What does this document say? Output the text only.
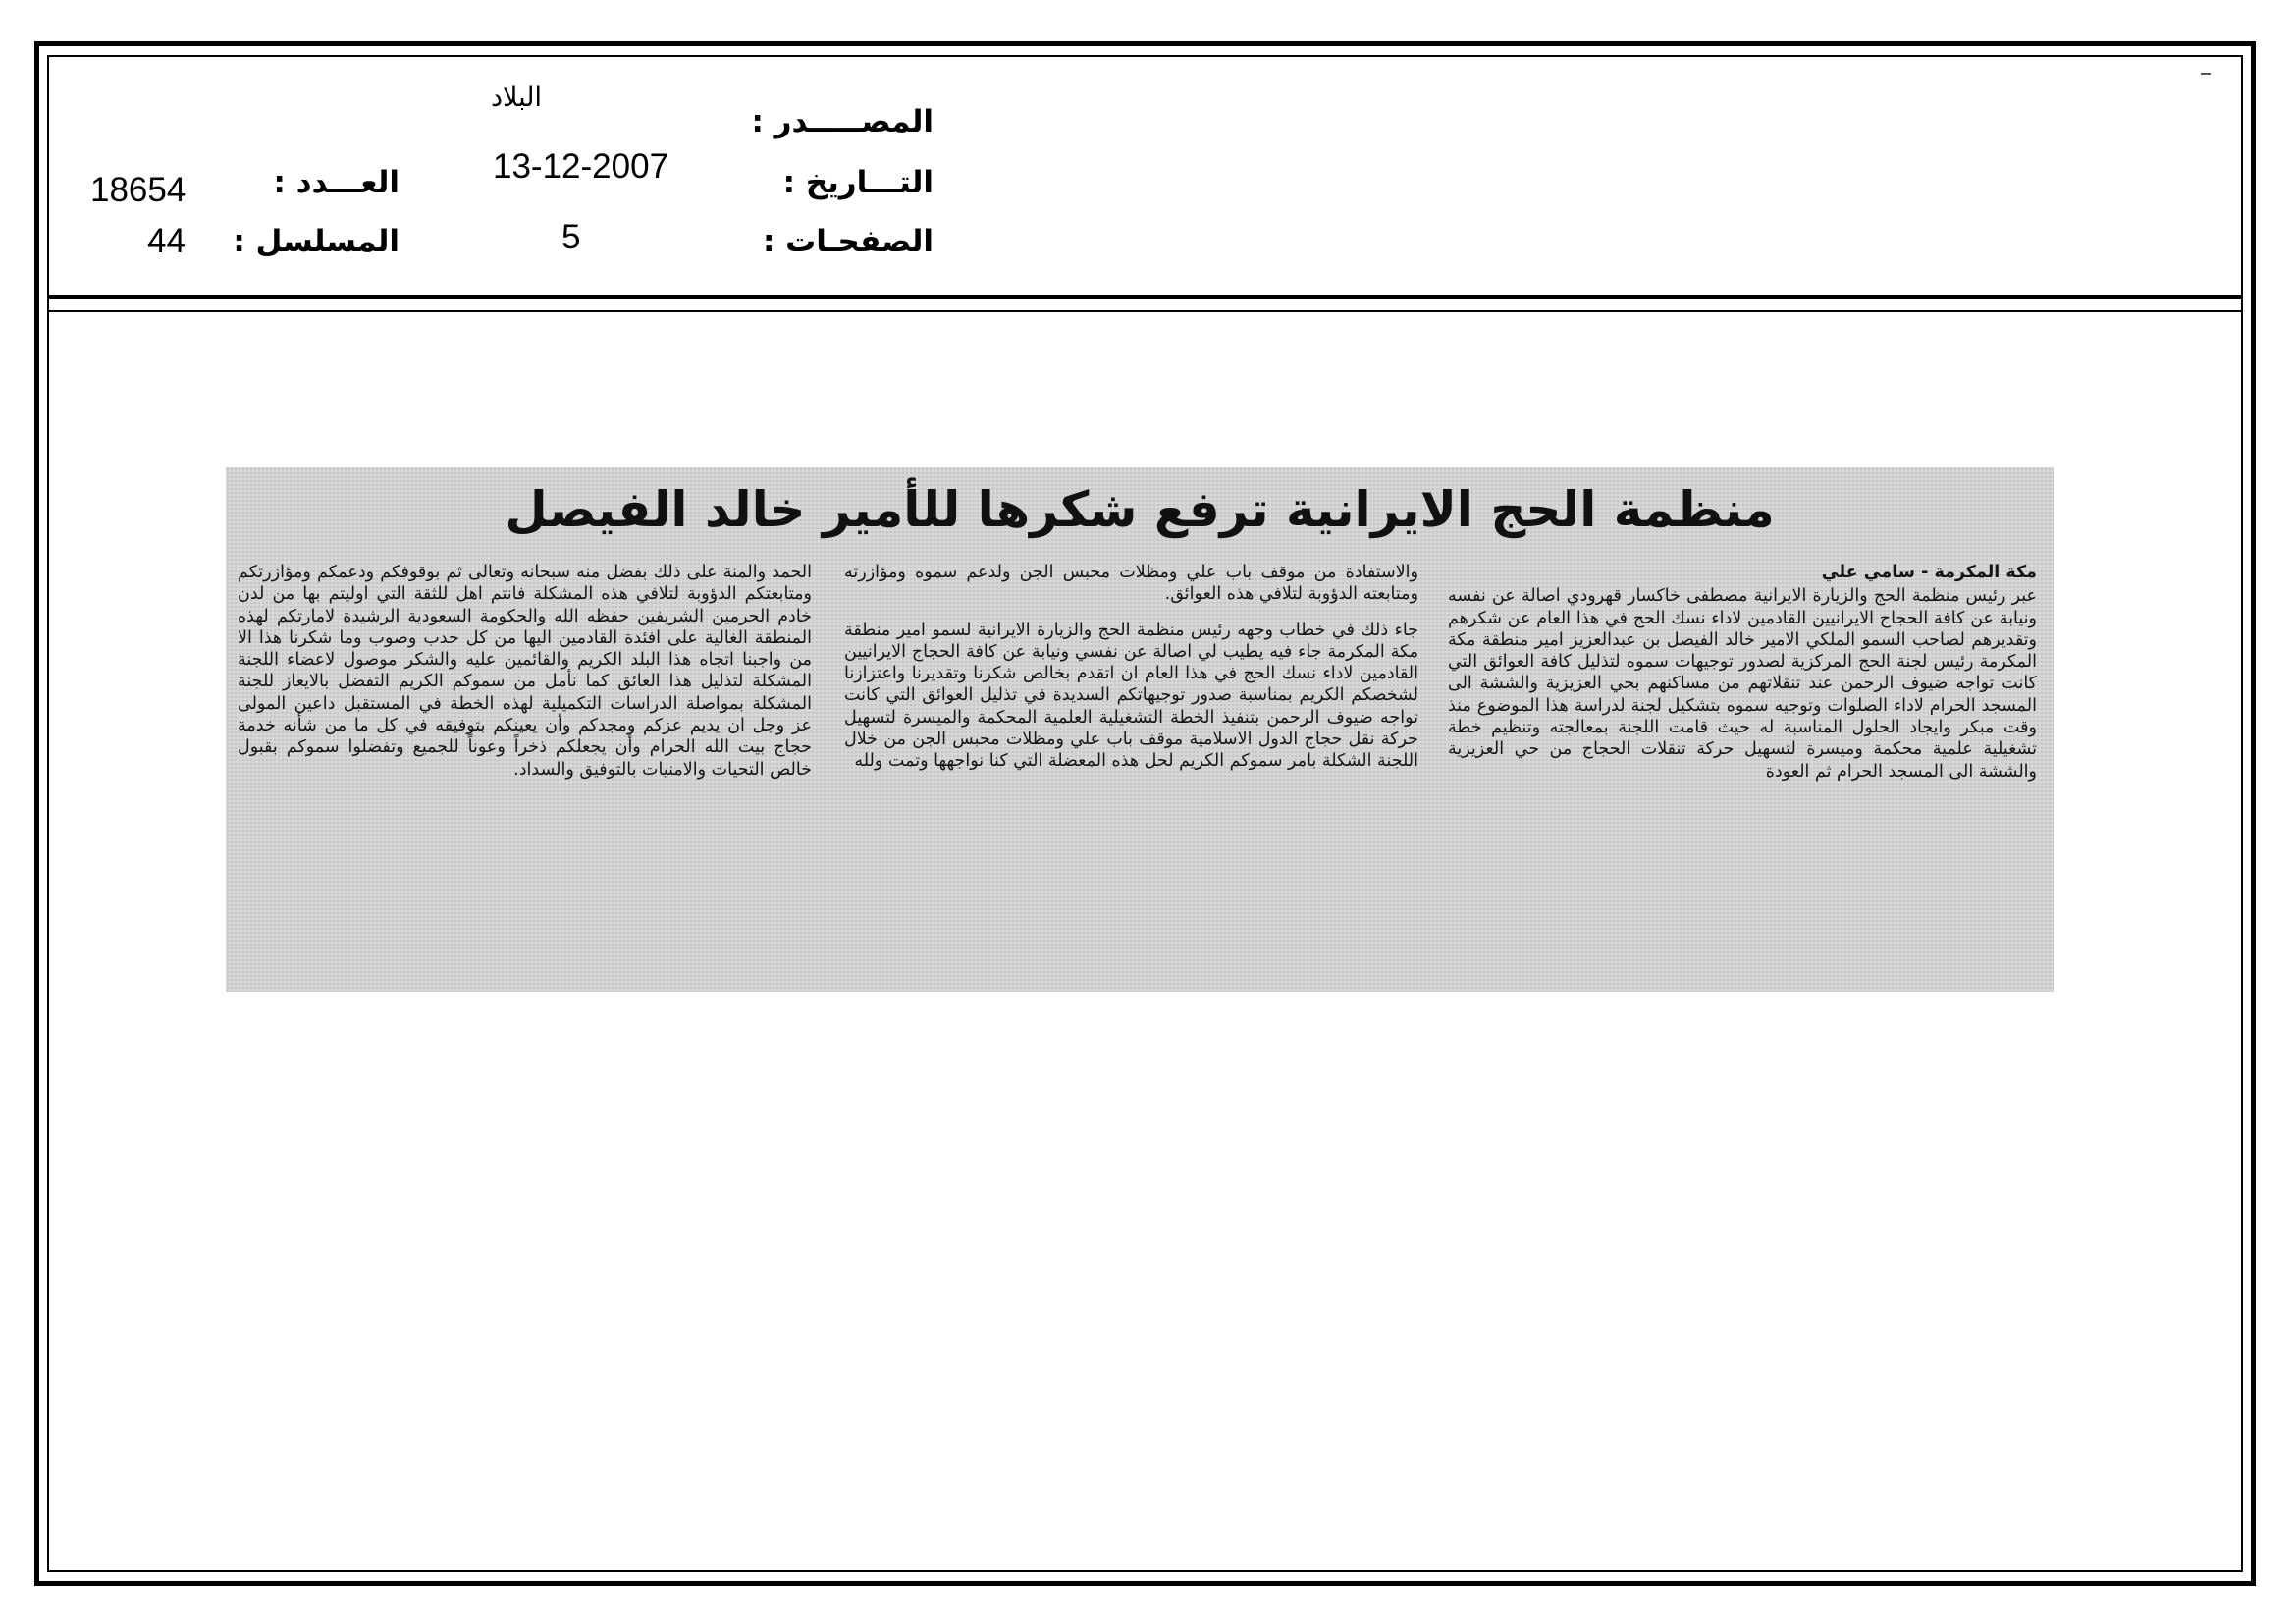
المصـــــدر :
التـــاريخ :
الصفحـات :
العـــدد :
المسلسل :
البلاد
13-12-2007
5
18654
44
منظمة الحج الايرانية ترفع شكرها للأمير خالد الفيصل
مكة المكرمة - سامي علي
عبر رئيس منظمة الحج والزيارة الايرانية مصطفى خاكسار قهرودي اصالة عن نفسه ونيابة عن كافة الحجاج الايرانيين القادمين لاداء نسك الحج في هذا العام عن شكرهم وتقديرهم لصاحب السمو الملكي الامير خالد الفيصل بن عبدالعزيز امير منطقة مكة المكرمة رئيس لجنة الحج المركزية لصدور توجيهات سموه لتذليل كافة العوائق التي كانت تواجه ضيوف الرحمن عند تنقلاتهم من مساكنهم بحي العزيزية والششة الى المسجد الحرام لاداء الصلوات وتوجيه سموه بتشكيل لجنة لدراسة هذا الموضوع منذ وقت مبكر وايجاد الحلول المناسبة له حيث قامت اللجنة بمعالجته وتنظيم خطة تشغيلية علمية محكمة وميسرة لتسهيل حركة تنقلات الحجاج من حي العزيزية والششة الى المسجد الحرام ثم العودة
والاستفادة من موقف باب علي ومظلات محبس الجن ولدعم سموه ومؤازرته ومتابعته الدؤوبة لتلافي هذه العوائق.
جاء ذلك في خطاب وجهه رئيس منظمة الحج والزيارة الايرانية لسمو امير منطقة مكة المكرمة جاء فيه يطيب لي اصالة عن نفسي ونيابة عن كافة الحجاج الايرانيين القادمين لاداء نسك الحج في هذا العام ان اتقدم بخالص شكرنا وتقديرنا واعتزازنا لشخصكم الكريم بمناسبة صدور توجيهاتكم السديدة في تذليل العوائق التي كانت تواجه ضيوف الرحمن بتنفيذ الخطة التشغيلية العلمية المحكمة والميسرة لتسهيل حركة نقل حجاج الدول الاسلامية موقف باب علي ومظلات محبس الجن من خلال اللجنة الشكلة بامر سموكم الكريم لحل هذه المعضلة التي كنا نواجهها وتمت ولله
الحمد والمنة على ذلك بفضل منه سبحانه وتعالى ثم بوقوفكم ودعمكم ومؤازرتكم ومتابعتكم الدؤوبة لتلافي هذه المشكلة فانتم اهل للثقة التي اوليتم بها من لدن خادم الحرمين الشريفين حفظه الله والحكومة السعودية الرشيدة لامارتكم لهذه المنطقة الغالية على افئدة القادمين اليها من كل حدب وصوب وما شكرنا هذا الا من واجبنا اتجاه هذا البلد الكريم والقائمين عليه والشكر موصول لاعضاء اللجنة المشكلة لتذليل هذا العائق كما نأمل من سموكم الكريم التفضل بالايعاز للجنة المشكلة بمواصلة الدراسات التكميلية لهذه الخطة في المستقبل داعين المولى عز وجل ان يديم عزكم ومجدكم وأن يعينكم بتوفيقه في كل ما من شأنه خدمة حجاج بيت الله الحرام وأن يجعلكم ذخراً وعوناً للجميع وتفضلوا سموكم بقبول خالص التحيات والامنيات بالتوفيق والسداد.
